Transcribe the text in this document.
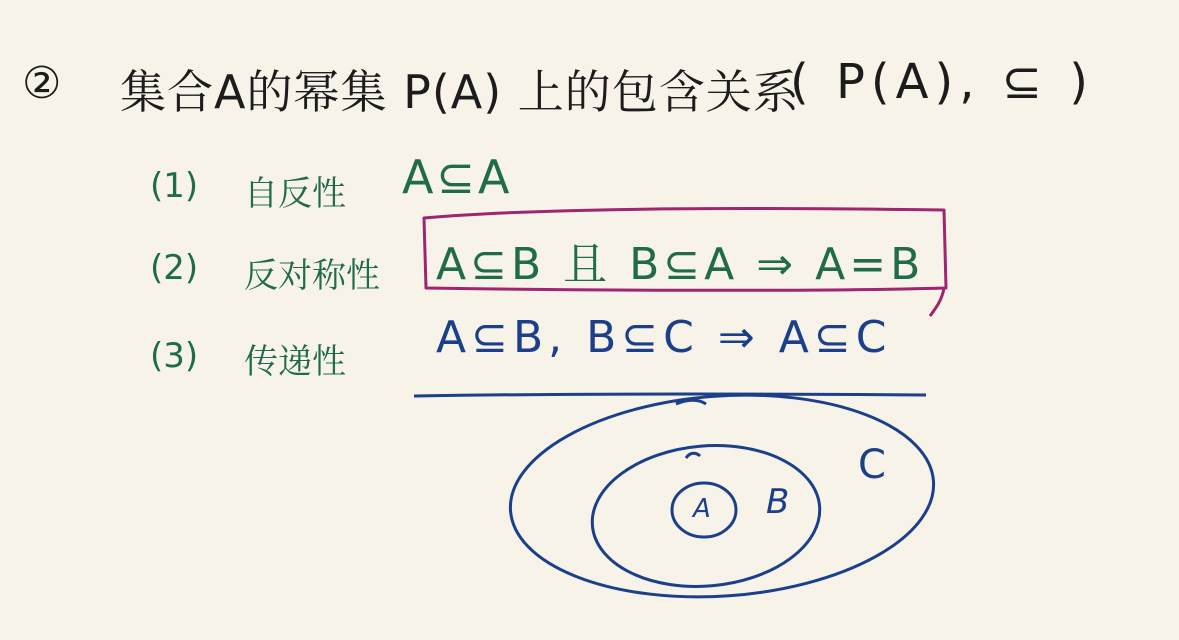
② 集合A的幂集 P(A) 上的包含关系
( P(A), ⊆ )
(1) 自反性 A⊆A
(2) 反对称性 A⊆B 且 B⊆A ⇒ A=B
(3) 传递性 A⊆B, B⊆C ⇒ A⊆C
A B
C
